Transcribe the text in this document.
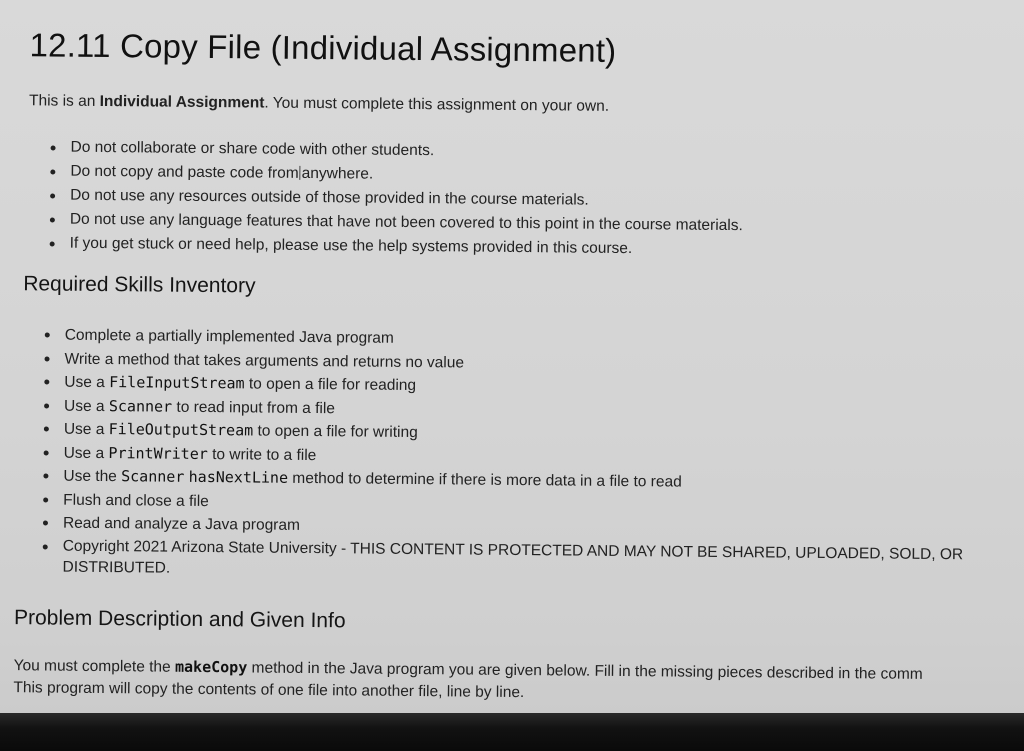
12.11 Copy File (Individual Assignment)

This is an Individual Assignment. You must complete this assignment on your own.

Do not collaborate or share code with other students.
Do not copy and paste code from anywhere.
Do not use any resources outside of those provided in the course materials.
Do not use any language features that have not been covered to this point in the course materials.
If you get stuck or need help, please use the help systems provided in this course.
Required Skills Inventory
Complete a partially implemented Java program
Write a method that takes arguments and returns no value
Use a FileInputStream to open a file for reading
Use a Scanner to read input from a file
Use a FileOutputStream to open a file for writing
Use a PrintWriter to write to a file
Use the Scanner hasNextLine method to determine if there is more data in a file to read
Flush and close a file
Read and analyze a Java program
Copyright 2021 Arizona State University - THIS CONTENT IS PROTECTED AND MAY NOT BE SHARED, UPLOADED, SOLD, OR DISTRIBUTED.
Problem Description and Given Info

You must complete the makeCopy method in the Java program you are given below. Fill in the missing pieces described in the comm
This program will copy the contents of one file into another file, line by line.
